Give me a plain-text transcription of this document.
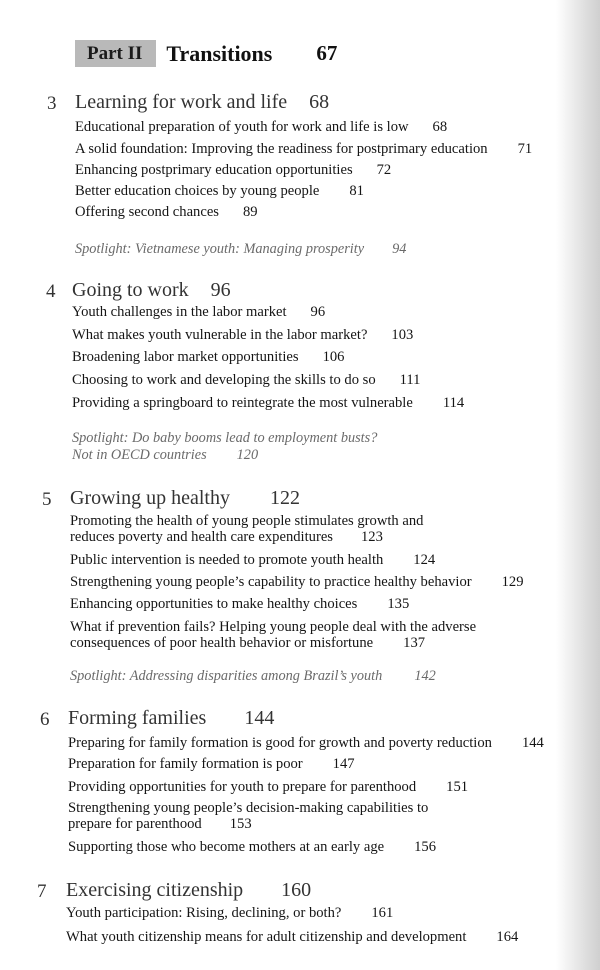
Part II	Transitions 67
3 Learning for work and life 68
Educational preparation of youth for work and life is low 68
A solid foundation: Improving the readiness for postprimary education 71
Enhancing postprimary education opportunities 72
Better education choices by young people 81
Offering second chances 89
Spotlight: Vietnamese youth: Managing prosperity 94
4 Going to work 96
Youth challenges in the labor market 96
What makes youth vulnerable in the labor market? 103
Broadening labor market opportunities 106
Choosing to work and developing the skills to do so 111
Providing a springboard to reintegrate the most vulnerable 114
Spotlight: Do baby booms lead to employment busts?
Not in OECD countries 120
5 Growing up healthy 122
Promoting the health of young people stimulates growth and
reduces poverty and health care expenditures 123
Public intervention is needed to promote youth health 124
Strengthening young people’s capability to practice healthy behavior 129
Enhancing opportunities to make healthy choices 135
What if prevention fails? Helping young people deal with the adverse
consequences of poor health behavior or misfortune 137
Spotlight: Addressing disparities among Brazil’s youth 142
6 Forming families 144
Preparing for family formation is good for growth and poverty reduction 144
Preparation for family formation is poor 147
Providing opportunities for youth to prepare for parenthood 151
Strengthening young people’s decision-making capabilities to
prepare for parenthood 153
Supporting those who become mothers at an early age 156
7 Exercising citizenship 160
Youth participation: Rising, declining, or both? 161
What youth citizenship means for adult citizenship and development 164
